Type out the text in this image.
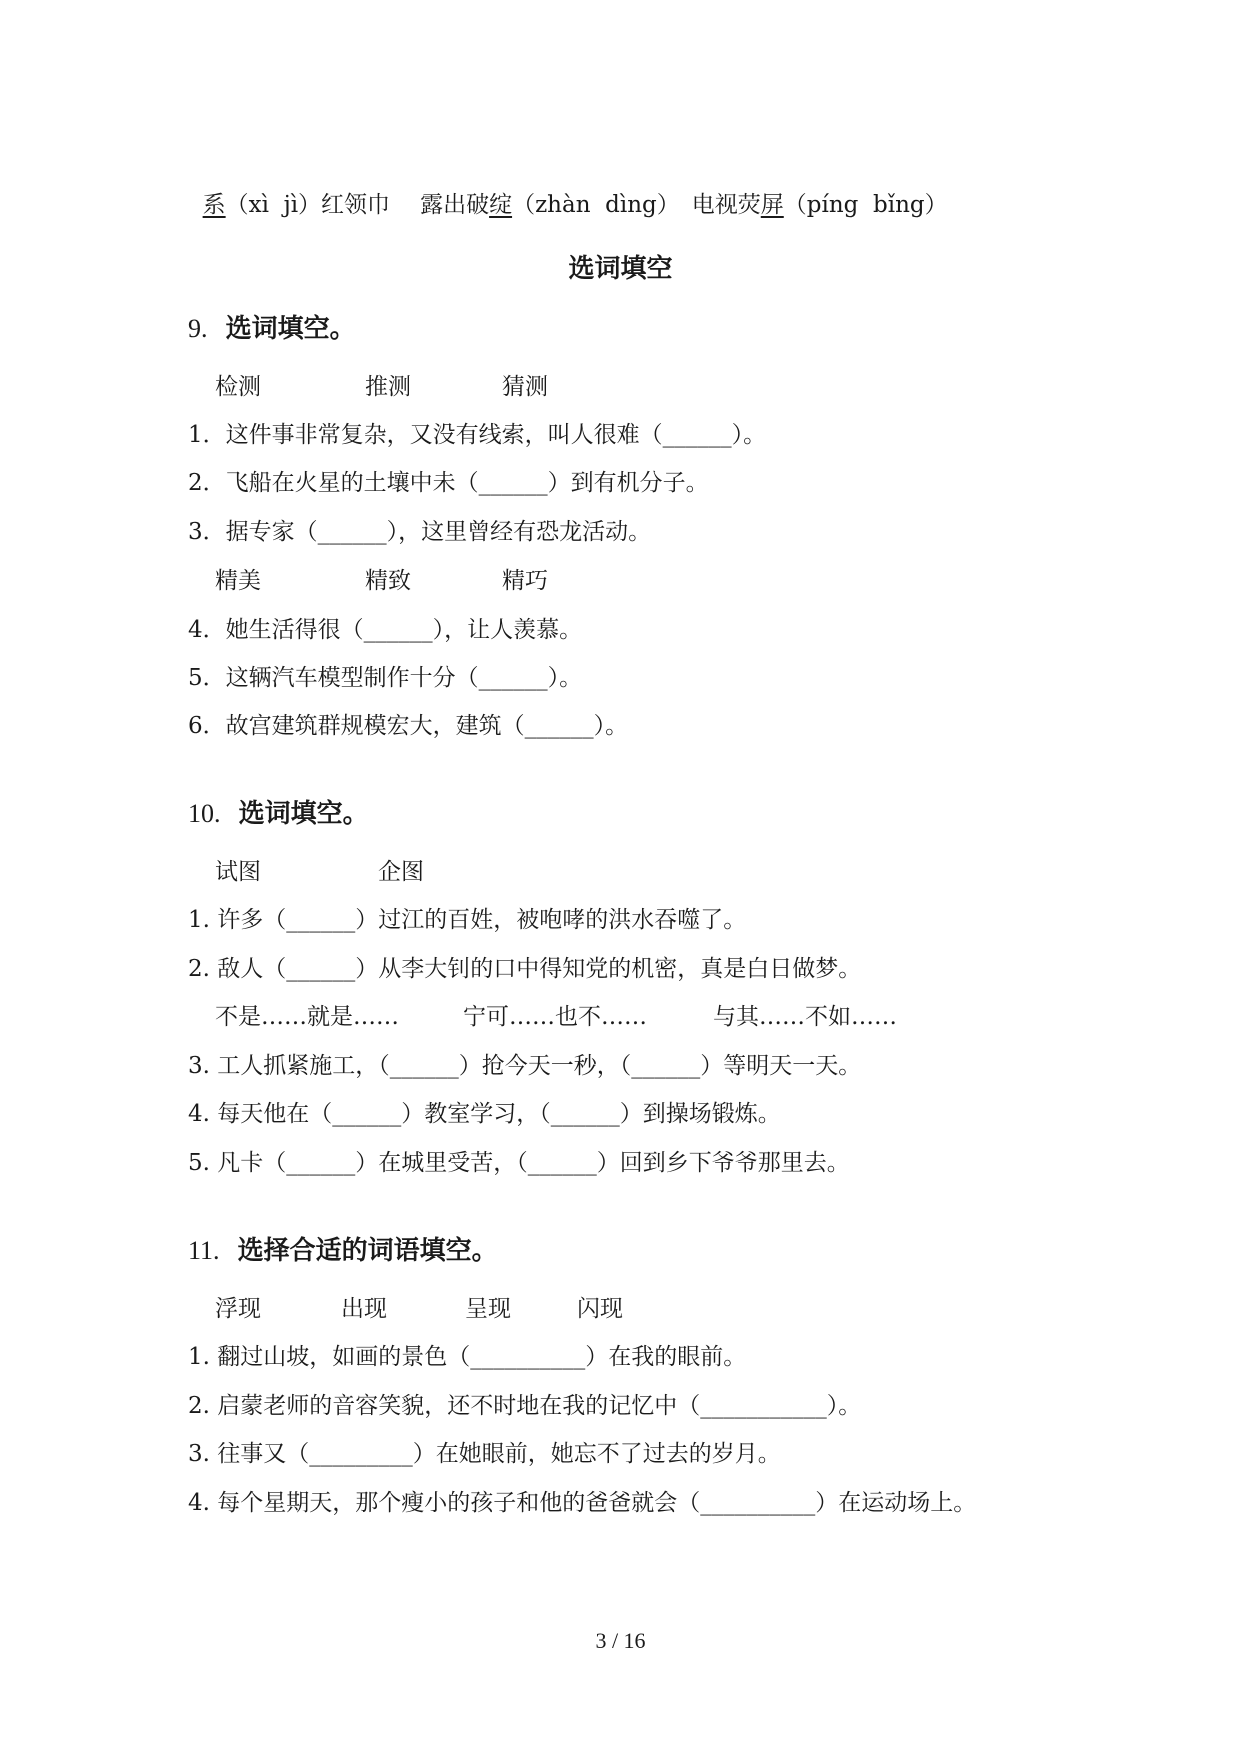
系（xì  jì）红领巾 露出破绽（zhàn  dìng） 电视荧屏（píng  bǐng）

选词填空
9. 选词填空。
检测	推测	猜测
1．这件事非常复杂，又没有线索，叫人很难（______）。
2．飞船在火星的土壤中未（______）到有机分子。
3．据专家（______），这里曾经有恐龙活动。
精美	精致	精巧
4．她生活得很（______），让人羡慕。
5．这辆汽车模型制作十分（______）。
6．故宫建筑群规模宏大，建筑（______）。
10. 选词填空。
试图	企图
1. 许多（______）过江的百姓，被咆哮的洪水吞噬了。
2. 敌人（______）从李大钊的口中得知党的机密，真是白日做梦。
不是……就是……	宁可……也不……	与其……不如……
3. 工人抓紧施工，（______）抢今天一秒，（______）等明天一天。
4. 每天他在（______）教室学习，（______）到操场锻炼。
5. 凡卡（______）在城里受苦，（______）回到乡下爷爷那里去。
11. 选择合适的词语填空。
浮现	出现	呈现	闪现
1. 翻过山坡，如画的景色（__________）在我的眼前。
2. 启蒙老师的音容笑貌，还不时地在我的记忆中（___________）。
3. 往事又（_________）在她眼前，她忘不了过去的岁月。
4. 每个星期天，那个瘦小的孩子和他的爸爸就会（__________）在运动场上。
3 / 16
